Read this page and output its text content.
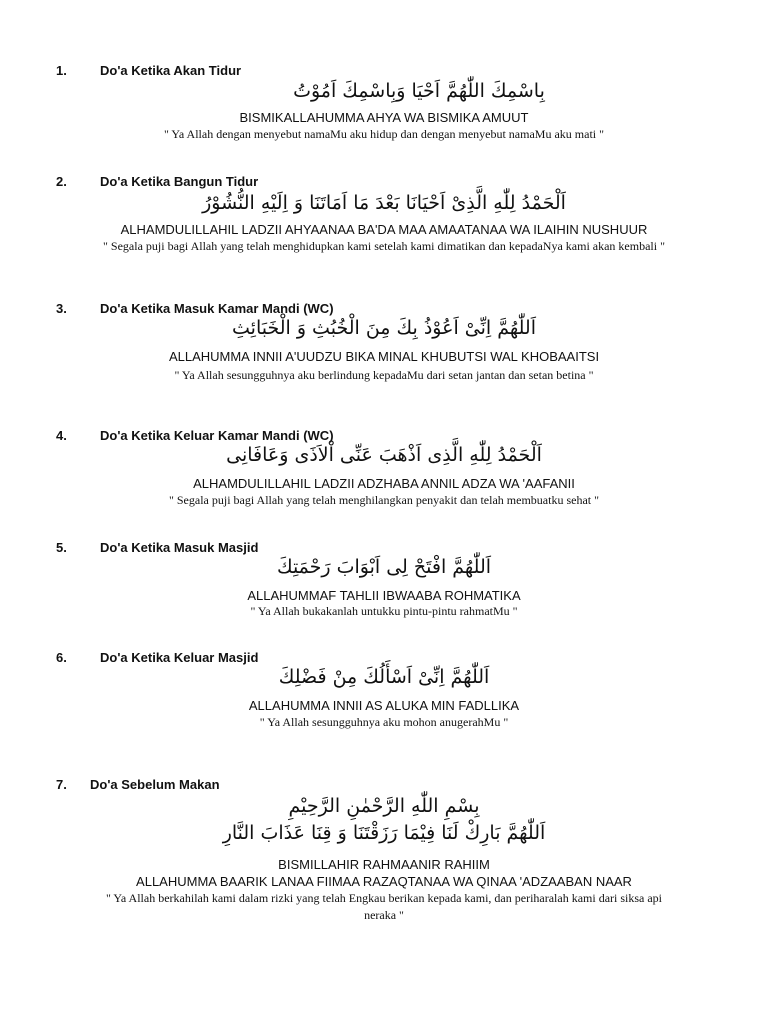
1.	Do'a Ketika Akan Tidur
بِاسْمِكَ اللّٰهُمَّ اَحْيَا وَبِاسْمِكَ اَمُوْتُ
BISMIKALLAHUMMA AHYA WA BISMIKA AMUUT
" Ya Allah dengan menyebut namaMu aku hidup dan dengan menyebut namaMu aku mati "
2.	Do'a Ketika Bangun Tidur
اَلْحَمْدُ لِلّٰهِ الَّذِىْ اَحْيَانَا بَعْدَ مَا اَمَاتَنَا وَ اِلَيْهِ النُّشُوْرُ
ALHAMDULILLAHIL LADZII AHYAANAA BA'DA MAA AMAATANAA WA ILAIHIN NUSHUUR
" Segala puji bagi Allah yang telah menghidupkan kami setelah kami dimatikan dan kepadaNya kami akan kembali "
3.	Do'a Ketika Masuk Kamar Mandi (WC)
اَللّٰهُمَّ اِنِّىْ اَعُوْذُ بِكَ مِنَ الْخُبُثِ وَ الْخَبَائِثِ
ALLAHUMMA INNII A'UUDZU BIKA MINAL KHUBUTSI WAL KHOBAAITSI
" Ya Allah sesungguhnya aku berlindung kepadaMu dari setan jantan dan setan betina "
4.	Do'a Ketika Keluar Kamar Mandi (WC)
اَلْحَمْدُ لِلّٰهِ الَّذِى اَذْهَبَ عَنِّى اْلاَذَى وَعَافَانِى
ALHAMDULILLAHIL LADZII ADZHABA ANNIL ADZA WA 'AAFANII
" Segala puji bagi Allah yang telah menghilangkan penyakit dan telah membuatku sehat "
5.	Do'a Ketika Masuk Masjid
اَللّٰهُمَّ افْتَحْ لِى اَبْوَابَ رَحْمَتِكَ
ALLAHUMMAF TAHLII IBWAABA ROHMATIKA
" Ya Allah bukakanlah untukku pintu-pintu rahmatMu "
6.	Do'a Ketika Keluar Masjid
اَللّٰهُمَّ اِنِّىْ اَسْأَلُكَ مِنْ فَضْلِكَ
ALLAHUMMA INNII AS ALUKA MIN FADLLIKA
" Ya Allah sesungguhnya aku mohon anugerahMu "
7. Do'a Sebelum Makan
بِسْمِ اللّٰهِ الرَّحْمٰنِ الرَّحِيْمِ
اَللّٰهُمَّ بَارِكْ لَنَا فِيْمَا رَزَقْتَنَا وَ قِنَا عَذَابَ النَّارِ
BISMILLAHIR RAHMAANIR RAHIIM
ALLAHUMMA BAARIK LANAA FIIMAA RAZAQTANAA WA QINAA 'ADZAABAN NAAR
" Ya Allah berkahilah kami dalam rizki yang telah Engkau berikan kepada kami, dan periharalah kami dari siksa api neraka "
